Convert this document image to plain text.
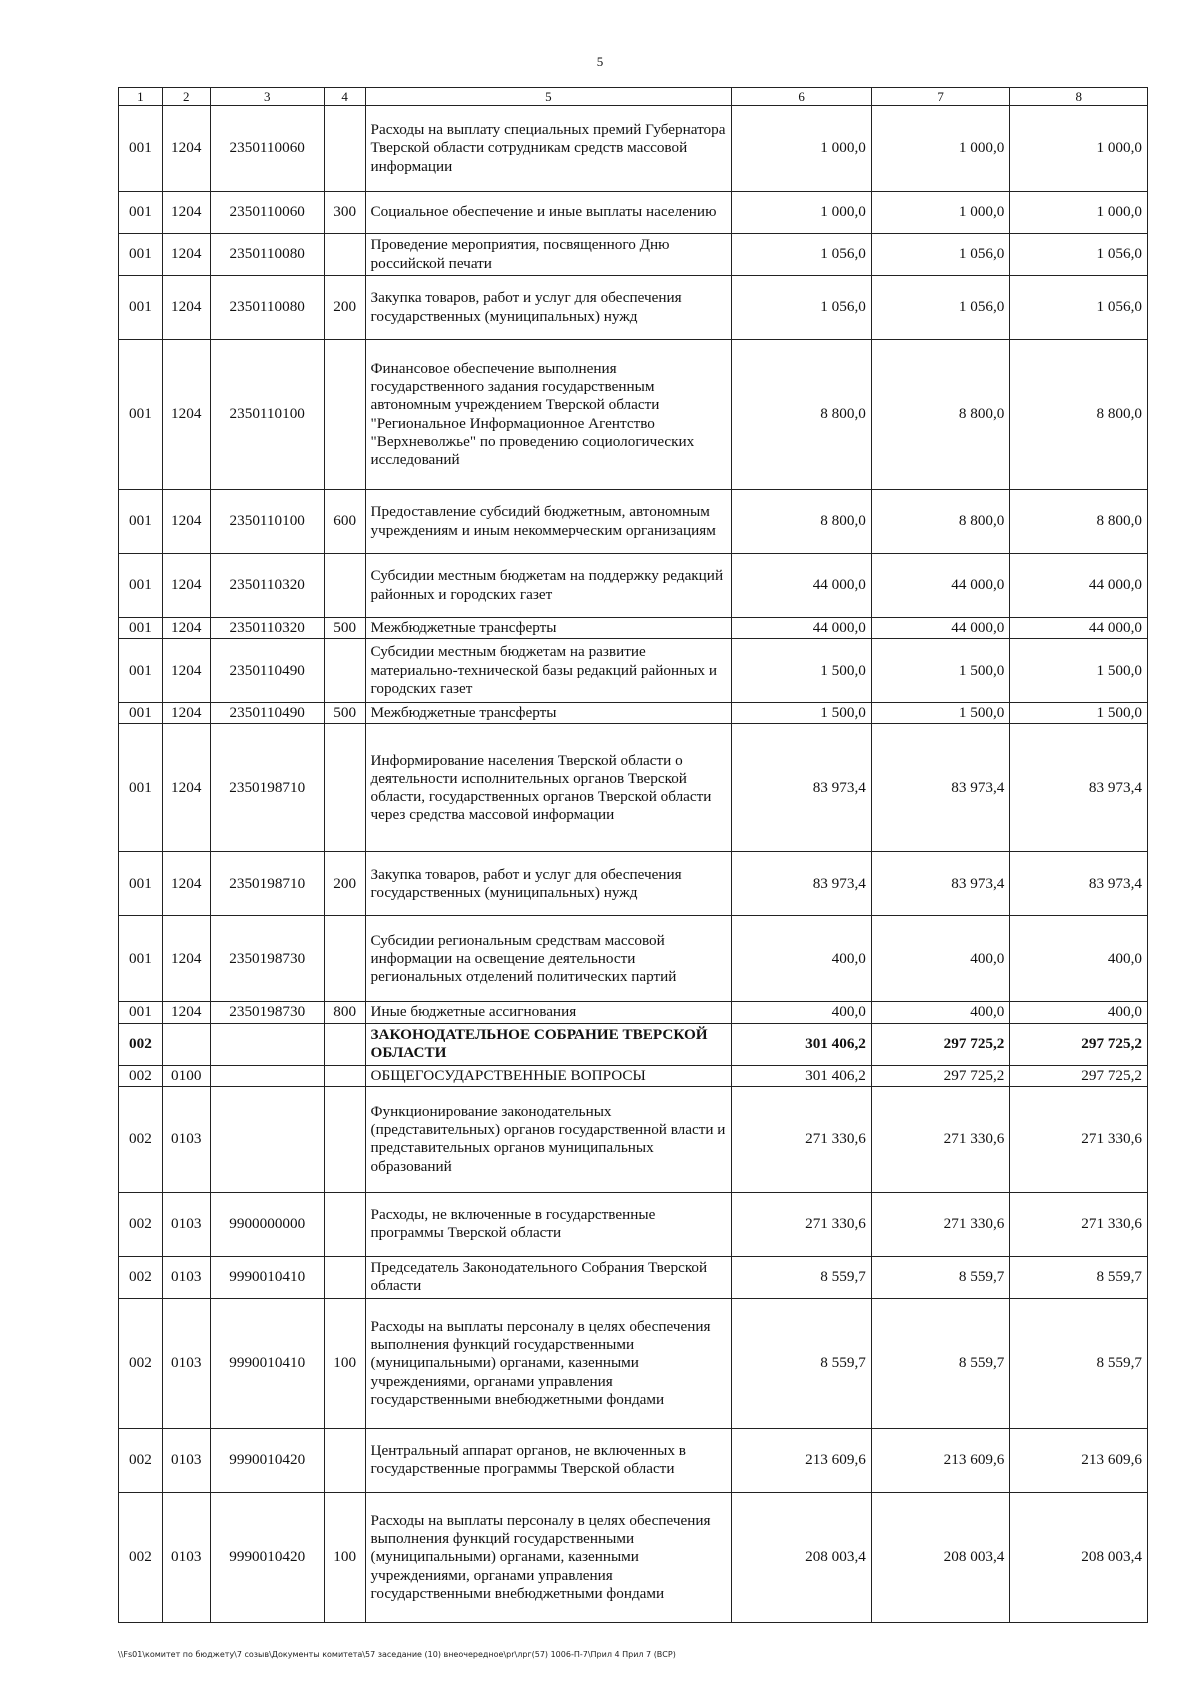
5
1	2	3	4	5	6	7	8
001	1204	2350110060		Расходы на выплату специальных премий Губернатора Тверской области сотрудникам средств массовой информации	1 000,0	1 000,0	1 000,0
001	1204	2350110060	300	Социальное обеспечение и иные выплаты населению	1 000,0	1 000,0	1 000,0
001	1204	2350110080		Проведение мероприятия, посвященного Дню российской печати	1 056,0	1 056,0	1 056,0
001	1204	2350110080	200	Закупка товаров, работ и услуг для обеспечения государственных (муниципальных) нужд	1 056,0	1 056,0	1 056,0
001	1204	2350110100		Финансовое обеспечение выполнения государственного задания государственным автономным учреждением Тверской области "Региональное Информационное Агентство "Верхневолжье" по проведению социологических исследований	8 800,0	8 800,0	8 800,0
001	1204	2350110100	600	Предоставление субсидий бюджетным, автономным учреждениям и иным некоммерческим организациям	8 800,0	8 800,0	8 800,0
001	1204	2350110320		Субсидии местным бюджетам на поддержку редакций районных и городских газет	44 000,0	44 000,0	44 000,0
001	1204	2350110320	500	Межбюджетные трансферты	44 000,0	44 000,0	44 000,0
001	1204	2350110490		Субсидии местным бюджетам на развитие материально-технической базы редакций районных и городских газет	1 500,0	1 500,0	1 500,0
001	1204	2350110490	500	Межбюджетные трансферты	1 500,0	1 500,0	1 500,0
001	1204	2350198710		Информирование населения Тверской области о деятельности исполнительных органов Тверской области, государственных органов Тверской области через средства массовой информации	83 973,4	83 973,4	83 973,4
001	1204	2350198710	200	Закупка товаров, работ и услуг для обеспечения государственных (муниципальных) нужд	83 973,4	83 973,4	83 973,4
001	1204	2350198730		Субсидии региональным средствам массовой информации на освещение деятельности региональных отделений политических партий	400,0	400,0	400,0
001	1204	2350198730	800	Иные бюджетные ассигнования	400,0	400,0	400,0
002				ЗАКОНОДАТЕЛЬНОЕ СОБРАНИЕ ТВЕРСКОЙ ОБЛАСТИ	301 406,2	297 725,2	297 725,2
002	0100			ОБЩЕГОСУДАРСТВЕННЫЕ ВОПРОСЫ	301 406,2	297 725,2	297 725,2
002	0103			Функционирование законодательных (представительных) органов государственной власти и представительных органов муниципальных образований	271 330,6	271 330,6	271 330,6
002	0103	9900000000		Расходы, не включенные в государственные программы Тверской области	271 330,6	271 330,6	271 330,6
002	0103	9990010410		Председатель Законодательного Собрания Тверской области	8 559,7	8 559,7	8 559,7
002	0103	9990010410	100	Расходы на выплаты персоналу в целях обеспечения выполнения функций государственными (муниципальными) органами, казенными учреждениями, органами управления государственными внебюджетными фондами	8 559,7	8 559,7	8 559,7
002	0103	9990010420		Центральный аппарат органов, не включенных в государственные программы Тверской области	213 609,6	213 609,6	213 609,6
002	0103	9990010420	100	Расходы на выплаты персоналу в целях обеспечения выполнения функций государственными (муниципальными) органами, казенными учреждениями, органами управления государственными внебюджетными фондами	208 003,4	208 003,4	208 003,4
\\Fs01\комитет по бюджету\7 созыв\Документы комитета\57 заседание (10) внеочередное\pr\лрг(57) 1006-П-7\Прил 4 Прил 7 (ВСР)
